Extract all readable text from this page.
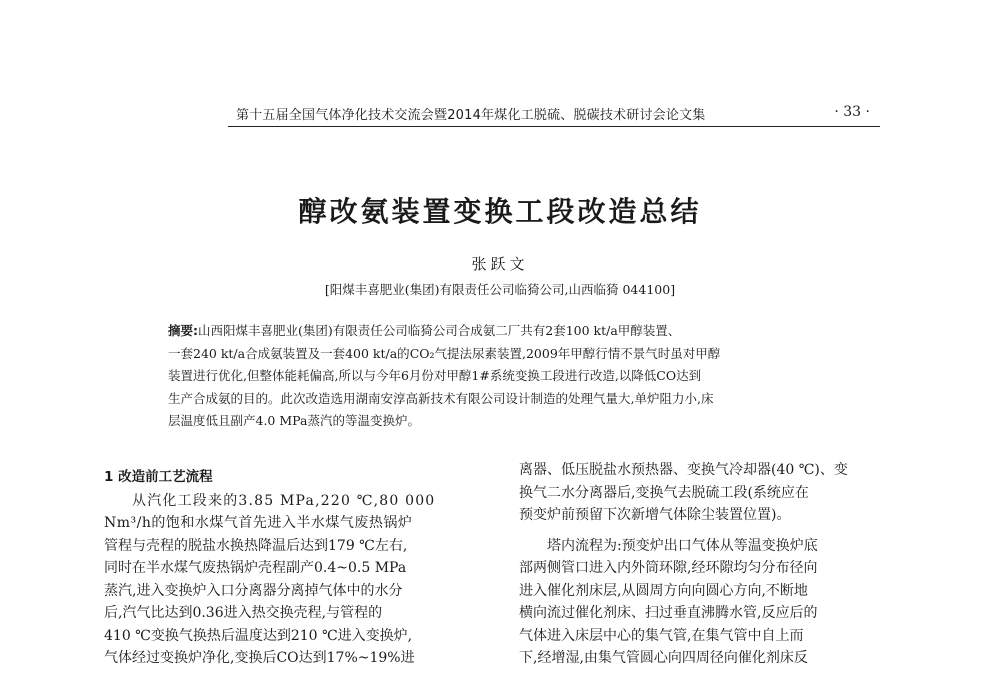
第十五届全国气体净化技术交流会暨2014年煤化工脱硫、脱碳技术研讨会论文集	· 33 ·
醇改氨装置变换工段改造总结
张跃文
[阳煤丰喜肥业(集团)有限责任公司临猗公司,山西临猗 044100]
摘要:山西阳煤丰喜肥业(集团)有限责任公司临猗公司合成氨二厂共有2套100 kt/a甲醇装置、
一套240 kt/a合成氨装置及一套400 kt/a的CO₂气提法尿素装置,2009年甲醇行情不景气时虽对甲醇
装置进行优化,但整体能耗偏高,所以与今年6月份对甲醇1#系统变换工段进行改造,以降低CO达到
生产合成氨的目的。此次改造选用湖南安淳高新技术有限公司设计制造的处理气量大,单炉阻力小,床
层温度低且副产4.0 MPa蒸汽的等温变换炉。
1 改造前工艺流程
从汽化工段来的3.85 MPa,220 ℃,80 000
Nm³/h的饱和水煤气首先进入半水煤气废热锅炉
管程与壳程的脱盐水换热降温后达到179 ℃左右,
同时在半水煤气废热锅炉壳程副产0.4~0.5 MPa
蒸汽,进入变换炉入口分离器分离掉气体中的水分
后,汽气比达到0.36进入热交换壳程,与管程的
410 ℃变换气换热后温度达到210 ℃进入变换炉,
气体经过变换炉净化,变换后CO达到17%~19%进
离器、低压脱盐水预热器、变换气冷却器(40 ℃)、变
换气二水分离器后,变换气去脱硫工段(系统应在
预变炉前预留下次新增气体除尘装置位置)。
塔内流程为:预变炉出口气体从等温变换炉底
部两侧管口进入内外筒环隙,经环隙均匀分布径向
进入催化剂床层,从圆周方向向圆心方向,不断地
横向流过催化剂床、扫过垂直沸腾水管,反应后的
气体进入床层中心的集气管,在集气管中自上而
下,经增湿,由集气管圆心向四周径向催化剂床反
